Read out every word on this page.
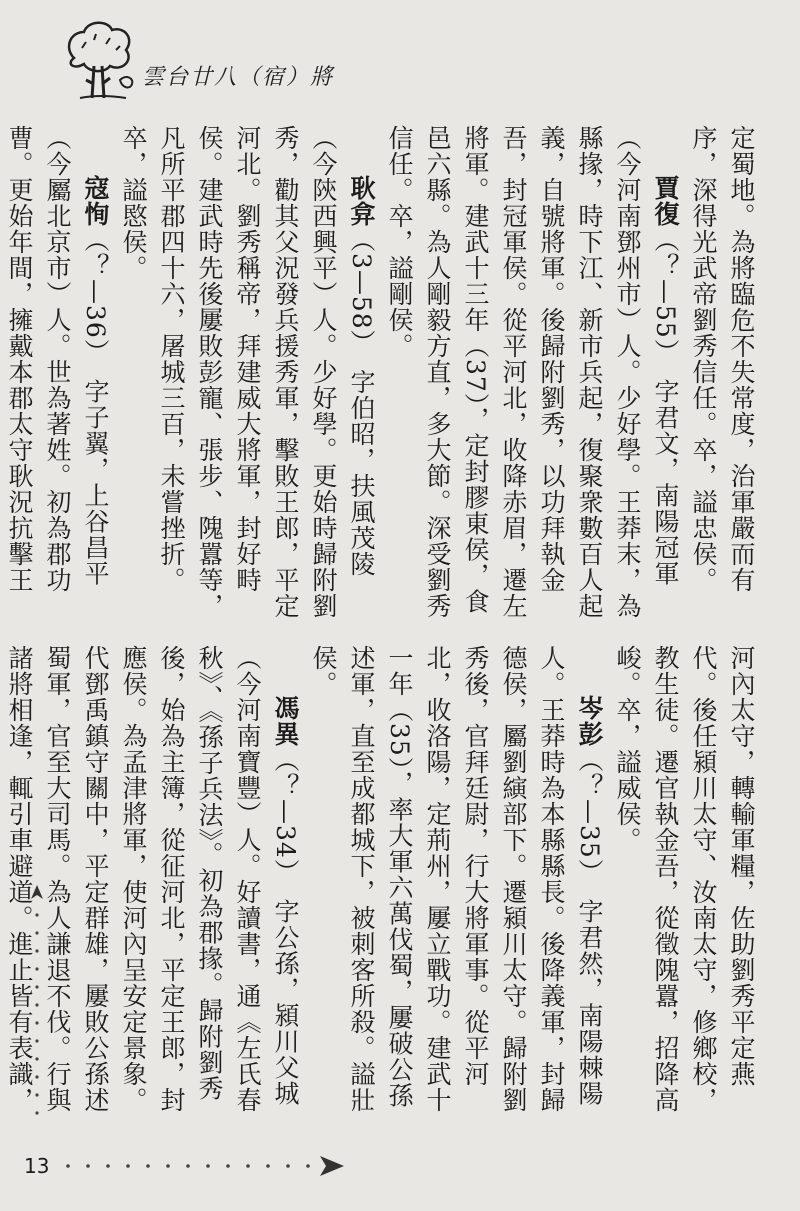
雲台廿八（宿）將

定蜀地。為將臨危不失常度，治軍嚴而有序，深得光武帝劉秀信任。卒，謚忠侯。

賈復（？—55）　字君文，南陽冠軍（今河南鄧州市）人。少好學。王莽末，為縣掾，時下江、新市兵起，復聚衆數百人起義，自號將軍。後歸附劉秀，以功拜執金吾，封冠軍侯。從平河北，收降赤眉，遷左將軍。建武十三年（37），定封膠東侯，食邑六縣。為人剛毅方直，多大節。深受劉秀信任。卒，謚剛侯。

耿弇（3—58）　字伯昭，扶風茂陵（今陝西興平）人。少好學。更始時歸附劉秀，勸其父況發兵援秀軍，擊敗王郎，平定河北。劉秀稱帝，拜建威大將軍，封好畤侯。建武時先後屢敗彭寵、張步、隗囂等，凡所平郡四十六，屠城三百，未嘗挫折。卒，謚愍侯。

寇恂（？—36）　字子翼，上谷昌平（今屬北京市）人。世為著姓。初為郡功曹。更始年間，擁戴本郡太守耿況抗擊王

河內太守，轉輸軍糧，佐助劉秀平定燕代。後任潁川太守、汝南太守，修鄉校，教生徒。遷官執金吾，從徵隗囂，招降高峻。卒，謚威侯。

岑彭（？—35）　字君然，南陽棘陽人。王莽時為本縣縣長。後降義軍，封歸德侯，屬劉縯部下。遷潁川太守。歸附劉秀後，官拜廷尉，行大將軍事。從平河北，收洛陽，定荊州，屢立戰功。建武十一年（35），率大軍六萬伐蜀，屢破公孫述軍，直至成都城下，被刺客所殺。謚壯侯。

馮異（？—34）　字公孫，潁川父城（今河南寶豐）人。好讀書，通《左氏春秋》、《孫子兵法》。初為郡掾。歸附劉秀後，始為主簿，從征河北，平定王郎，封應侯。為孟津將軍，使河內呈安定景象。代鄧禹鎮守關中，平定群雄，屢敗公孫述蜀軍，官至大司馬。為人謙退不伐。行與諸將相逢，輒引車避道。進止皆有表識，

13
